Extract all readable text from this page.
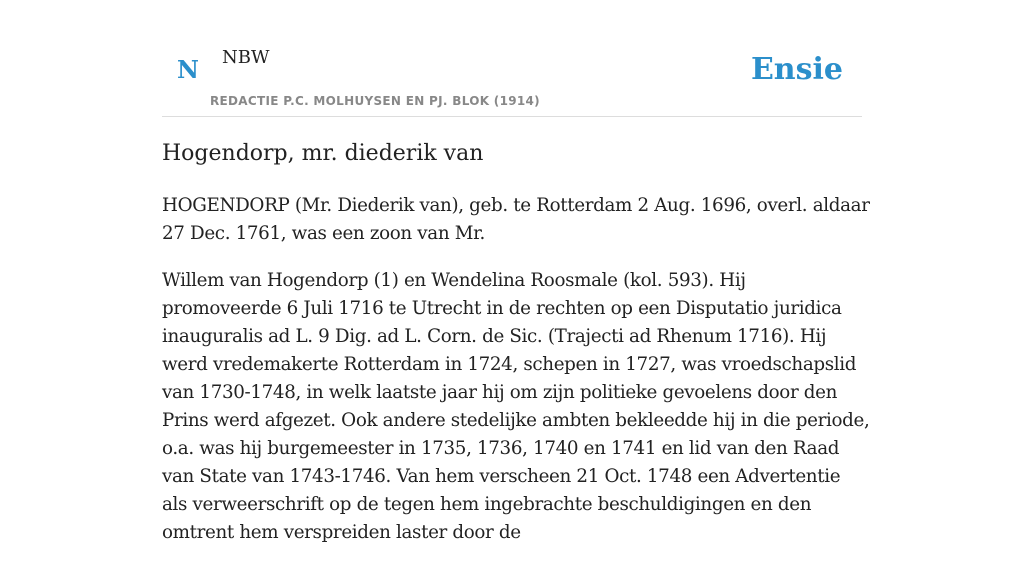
N NBW
REDACTIE P.C. MOLHUYSEN EN PJ. BLOK (1914)
Ensie
Hogendorp, mr. diederik van

HOGENDORP (Mr. Diederik van), geb. te Rotterdam 2 Aug. 1696, overl. aldaar 27 Dec. 1761, was een zoon van Mr.

Willem van Hogendorp (1) en Wendelina Roosmale (kol. 593). Hij promoveerde 6 Juli 1716 te Utrecht in de rechten op een Disputatio juridica inauguralis ad L. 9 Dig. ad L. Corn. de Sic. (Trajecti ad Rhenum 1716). Hij werd vredemakerte Rotterdam in 1724, schepen in 1727, was vroedschapslid van 1730-1748, in welk laatste jaar hij om zijn politieke gevoelens door den Prins werd afgezet. Ook andere stedelijke ambten bekleedde hij in die periode, o.a. was hij burgemeester in 1735, 1736, 1740 en 1741 en lid van den Raad van State van 1743-1746. Van hem verscheen 21 Oct. 1748 een Advertentie als verweerschrift op de tegen hem ingebrachte beschuldigingen en den omtrent hem verspreiden laster door de
